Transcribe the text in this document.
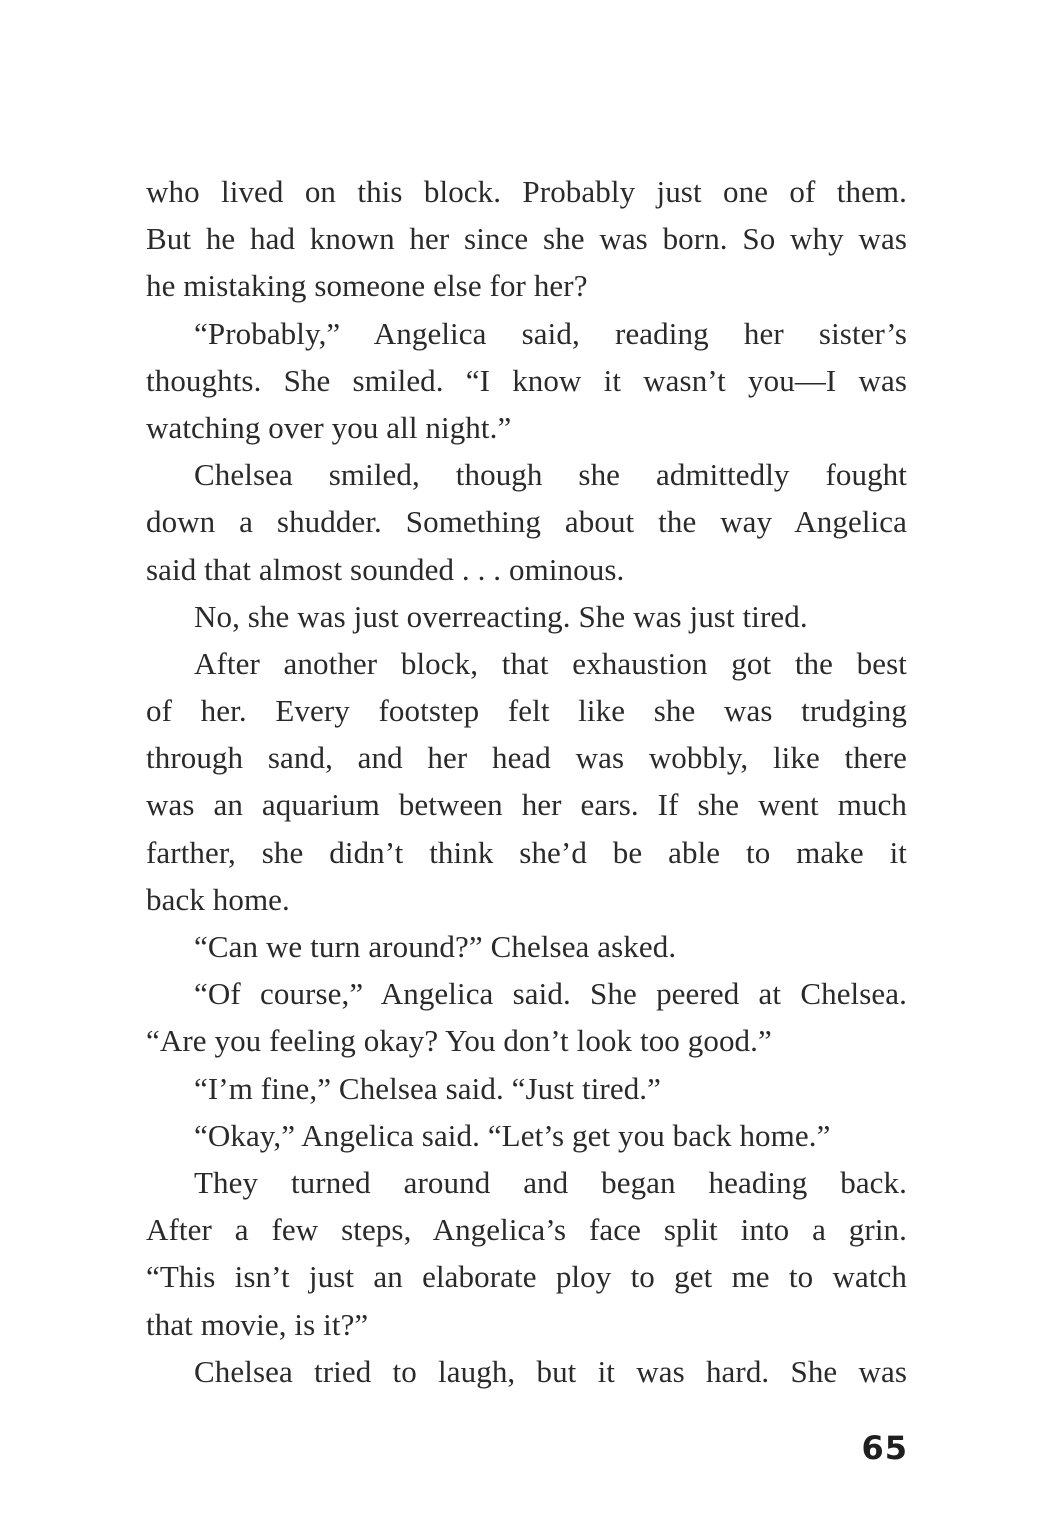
who lived on this block. Probably just one of them.
But he had known her since she was born. So why was
he mistaking someone else for her?
“Probably,” Angelica said, reading her sister’s
thoughts. She smiled. “I know it wasn’t you—I was
watching over you all night.”
Chelsea smiled, though she admittedly fought
down a shudder. Something about the way Angelica
said that almost sounded . . . ominous.
No, she was just overreacting. She was just tired.
After another block, that exhaustion got the best
of her. Every footstep felt like she was trudging
through sand, and her head was wobbly, like there
was an aquarium between her ears. If she went much
farther, she didn’t think she’d be able to make it
back home.
“Can we turn around?” Chelsea asked.
“Of course,” Angelica said. She peered at Chelsea.
“Are you feeling okay? You don’t look too good.”
“I’m fine,” Chelsea said. “Just tired.”
“Okay,” Angelica said. “Let’s get you back home.”
They turned around and began heading back.
After a few steps, Angelica’s face split into a grin.
“This isn’t just an elaborate ploy to get me to watch
that movie, is it?”
Chelsea tried to laugh, but it was hard. She was
65
